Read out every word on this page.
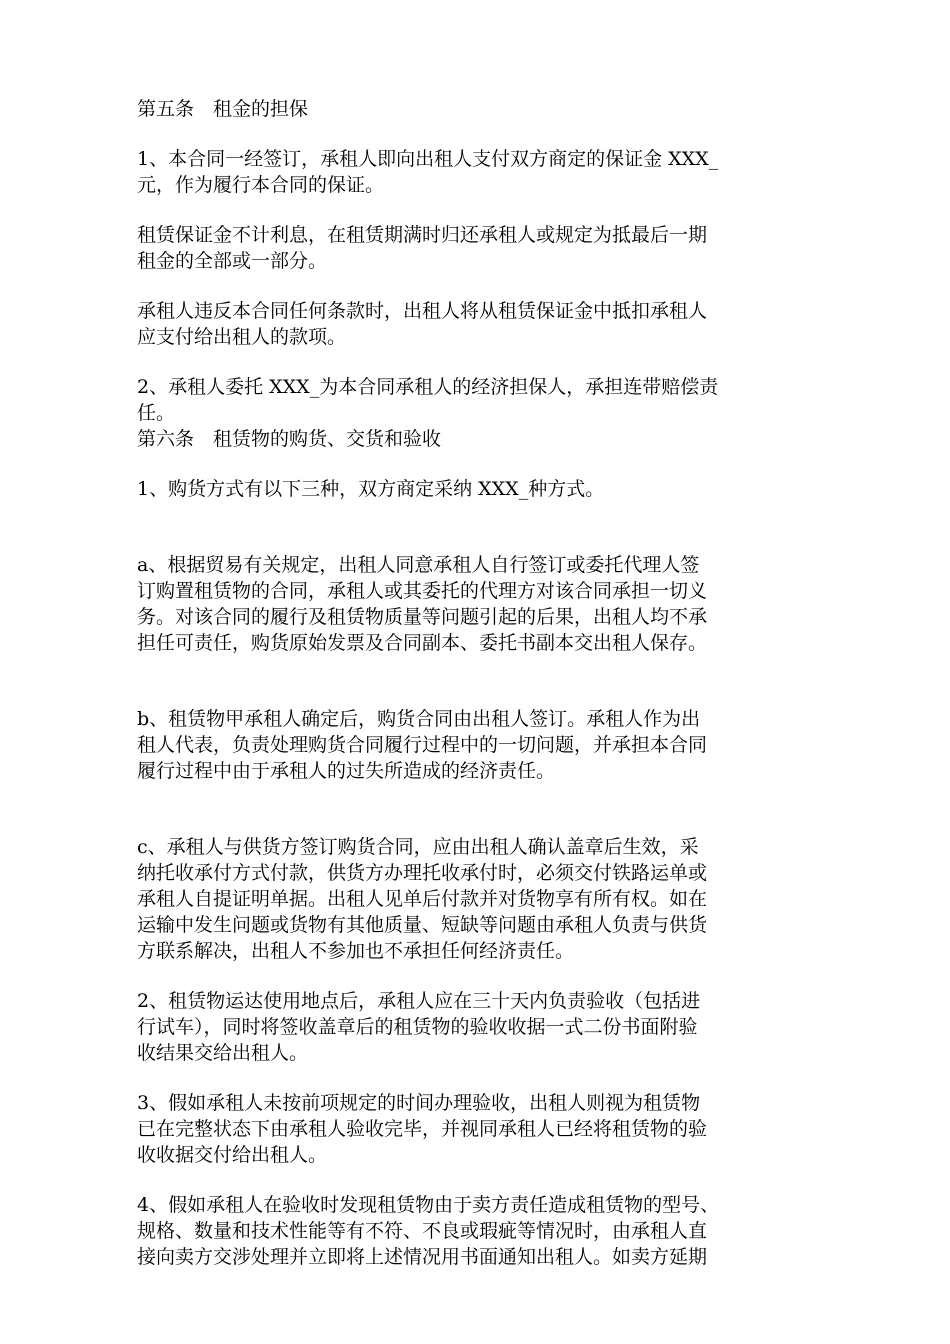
第五条　租金的担保

1、本合同一经签订，承租人即向出租人支付双方商定的保证金 XXX_
元，作为履行本合同的保证。

租赁保证金不计利息，在租赁期满时归还承租人或规定为抵最后一期
租金的全部或一部分。

承租人违反本合同任何条款时，出租人将从租赁保证金中抵扣承租人
应支付给出租人的款项。

2、承租人委托 XXX_为本合同承租人的经济担保人，承担连带赔偿责
任。

第六条　租赁物的购货、交货和验收

1、购货方式有以下三种，双方商定采纳 XXX_种方式。

a、根据贸易有关规定，出租人同意承租人自行签订或委托代理人签
订购置租赁物的合同，承租人或其委托的代理方对该合同承担一切义
务。对该合同的履行及租赁物质量等问题引起的后果，出租人均不承
担任可责任，购货原始发票及合同副本、委托书副本交出租人保存。

b、租赁物甲承租人确定后，购货合同由出租人签订。承租人作为出
租人代表，负责处理购货合同履行过程中的一切问题，并承担本合同
履行过程中由于承租人的过失所造成的经济责任。

c、承租人与供货方签订购货合同，应由出租人确认盖章后生效，采
纳托收承付方式付款，供货方办理托收承付时，必须交付铁路运单或
承租人自提证明单据。出租人见单后付款并对货物享有所有权。如在
运输中发生问题或货物有其他质量、短缺等问题由承租人负责与供货
方联系解决，出租人不参加也不承担任何经济责任。

2、租赁物运达使用地点后，承租人应在三十天内负责验收（包括进
行试车），同时将签收盖章后的租赁物的验收收据一式二份书面附验
收结果交给出租人。

3、假如承租人未按前项规定的时间办理验收，出租人则视为租赁物
已在完整状态下由承租人验收完毕，并视同承租人已经将租赁物的验
收收据交付给出租人。

4、假如承租人在验收时发现租赁物由于卖方责任造成租赁物的型号、
规格、数量和技术性能等有不符、不良或瑕疵等情况时，由承租人直
接向卖方交涉处理并立即将上述情况用书面通知出租人。如卖方延期
